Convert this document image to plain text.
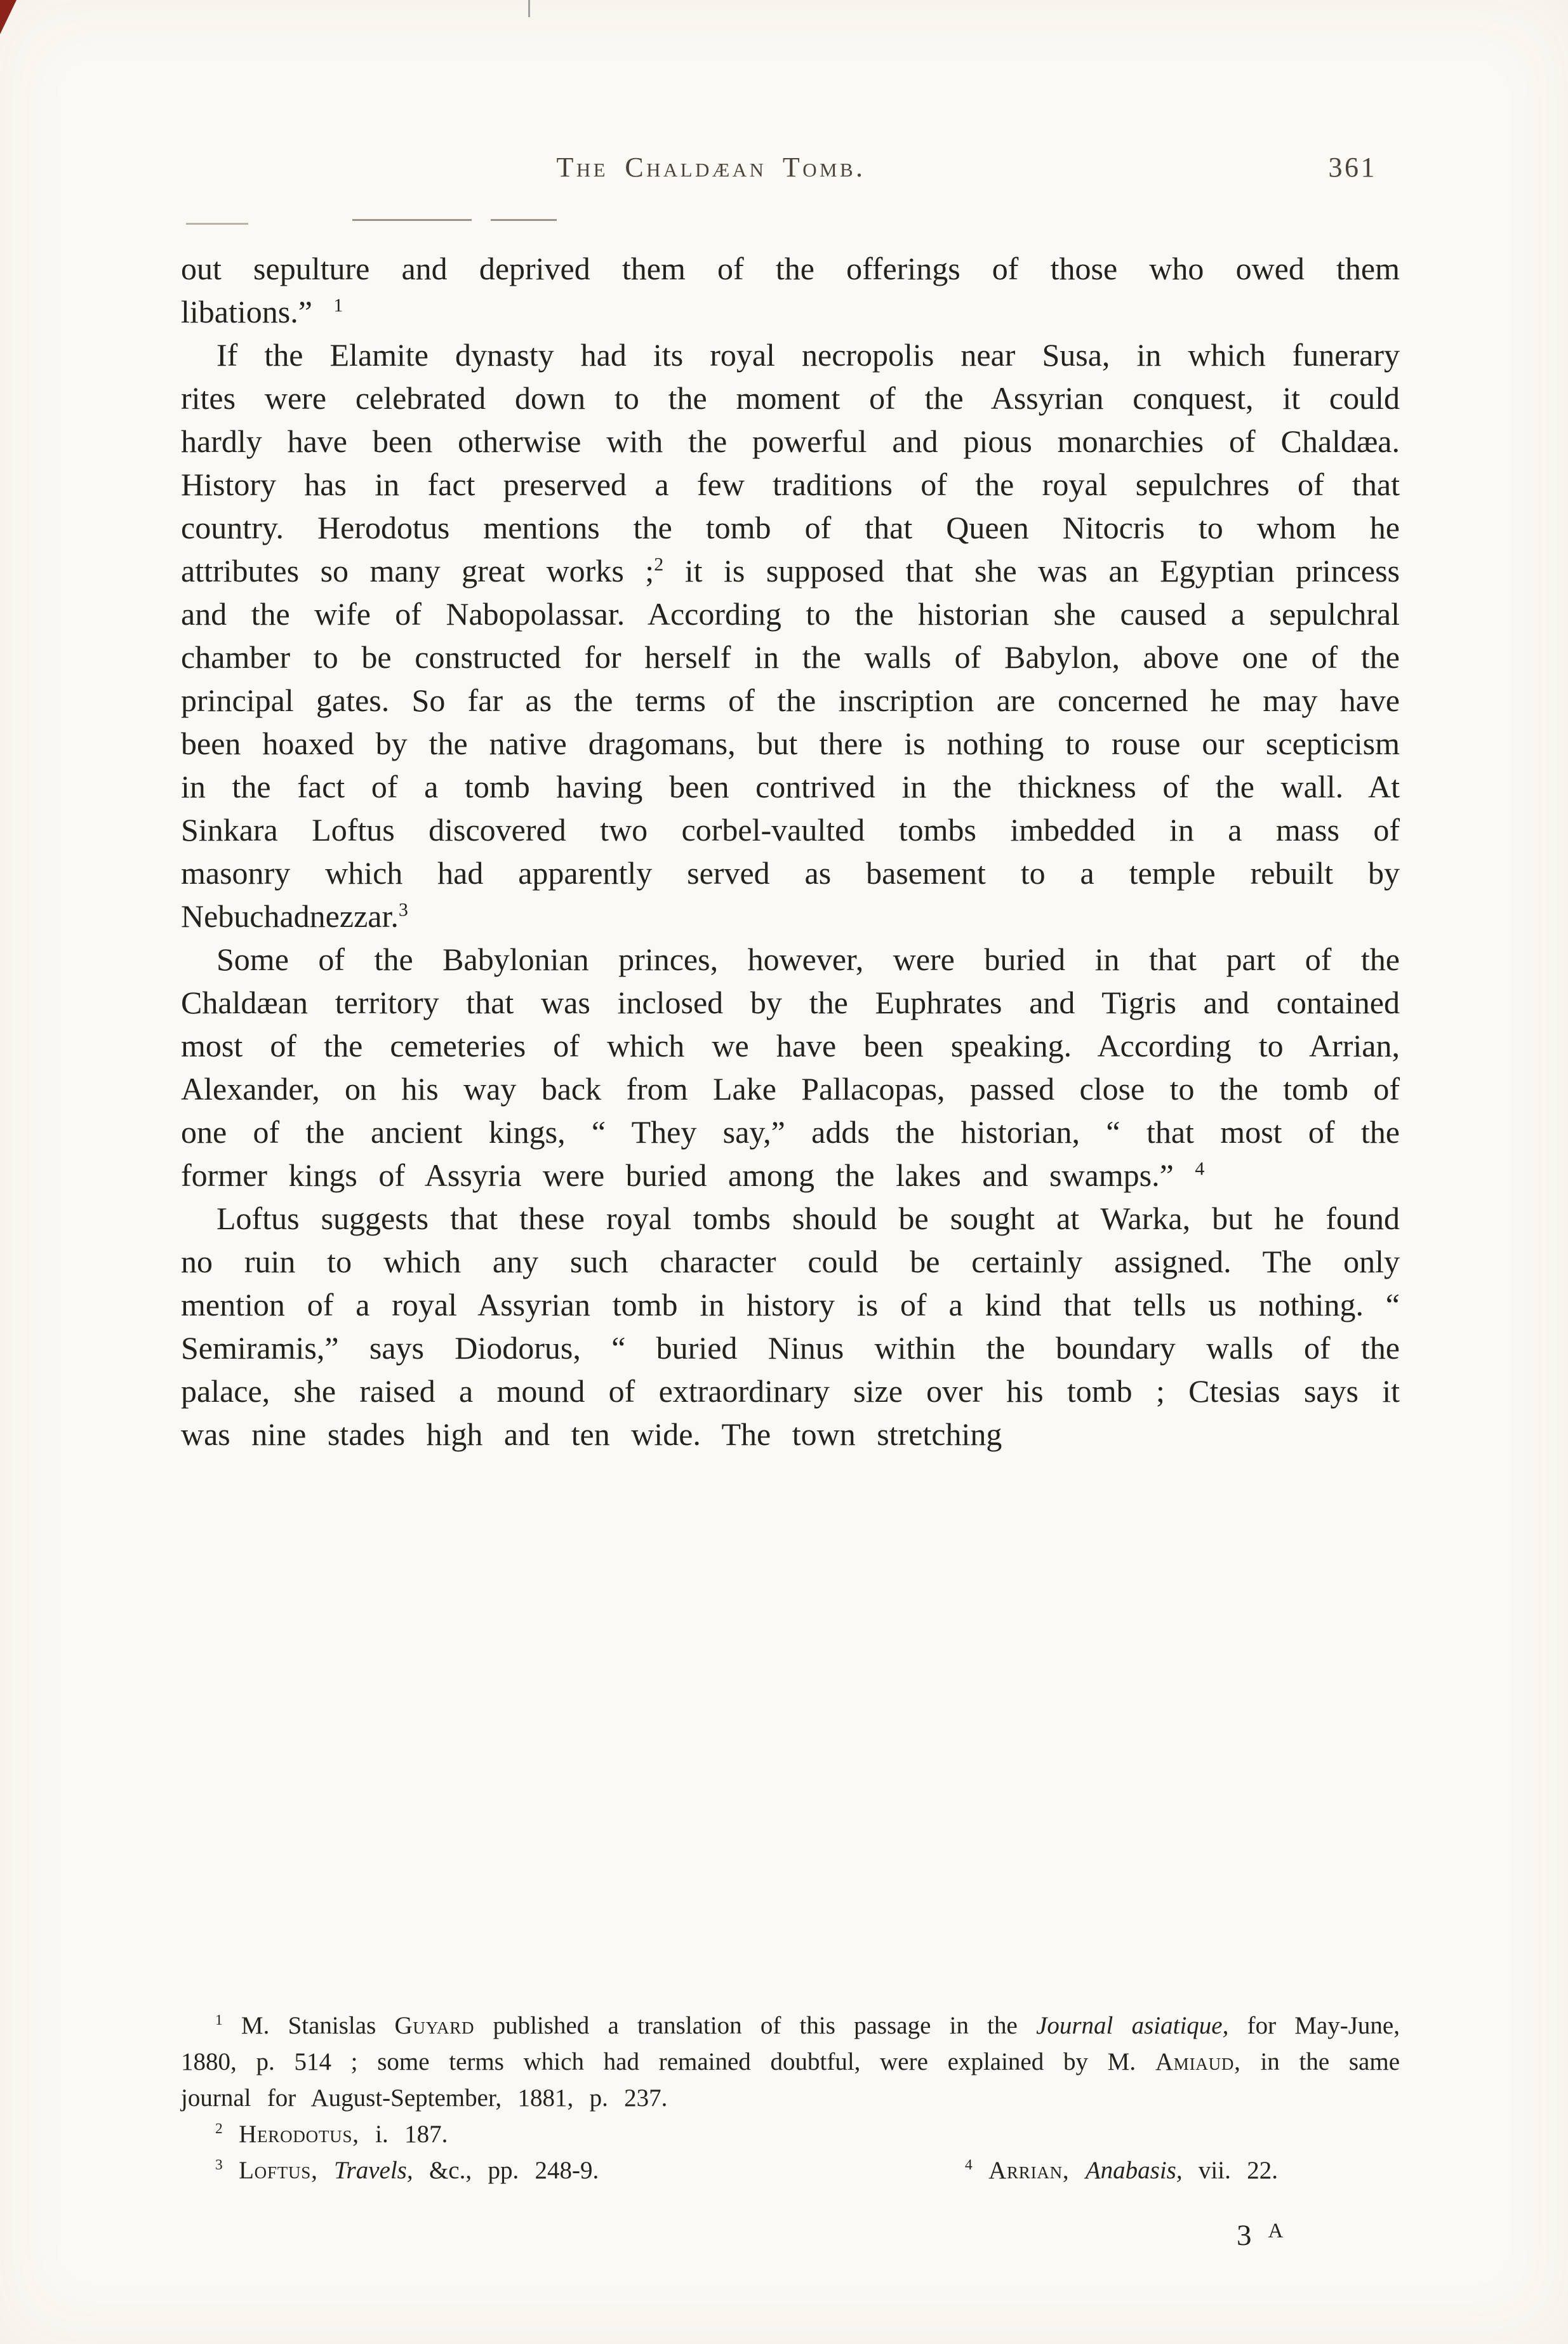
The Chaldæan Tomb.	361

out sepulture and deprived them of the offerings of those who owed them libations.” $^1$

If the Elamite dynasty had its royal necropolis near Susa, in which funerary rites were celebrated down to the moment of the Assyrian conquest, it could hardly have been otherwise with the powerful and pious monarchies of Chaldæa. History has in fact preserved a few traditions of the royal sepulchres of that country. Herodotus mentions the tomb of that Queen Nitocris to whom he attributes so many great works ;$^2$ it is supposed that she was an Egyptian princess and the wife of Nabopolassar. According to the historian she caused a sepulchral chamber to be constructed for herself in the walls of Babylon, above one of the principal gates. So far as the terms of the inscription are concerned he may have been hoaxed by the native dragomans, but there is nothing to rouse our scepticism in the fact of a tomb having been contrived in the thickness of the wall. At Sinkara Loftus discovered two corbel-vaulted tombs imbedded in a mass of masonry which had apparently served as basement to a temple rebuilt by Nebuchadnezzar.$^3$

Some of the Babylonian princes, however, were buried in that part of the Chaldæan territory that was inclosed by the Euphrates and Tigris and contained most of the cemeteries of which we have been speaking. According to Arrian, Alexander, on his way back from Lake Pallacopas, passed close to the tomb of one of the ancient kings, “ They say,” adds the historian, “ that most of the former kings of Assyria were buried among the lakes and swamps.” $^4$

Loftus suggests that these royal tombs should be sought at Warka, but he found no ruin to which any such character could be certainly assigned. The only mention of a royal Assyrian tomb in history is of a kind that tells us nothing. “ Semiramis,” says Diodorus, “ buried Ninus within the boundary walls of the palace, she raised a mound of extraordinary size over his tomb ; Ctesias says it was nine stades high and ten wide. The town stretching

$^1$ M. Stanislas Guyard published a translation of this passage in the Journal asiatique, for May-June, 1880, p. 514 ; some terms which had remained doubtful, were explained by M. Amiaud, in the same journal for August-September, 1881, p. 237.

$^2$ Herodotus, i. 187.

$^3$ Loftus, Travels, &c., pp. 248-9.	$^4$ Arrian, Anabasis, vii. 22.

3 A
